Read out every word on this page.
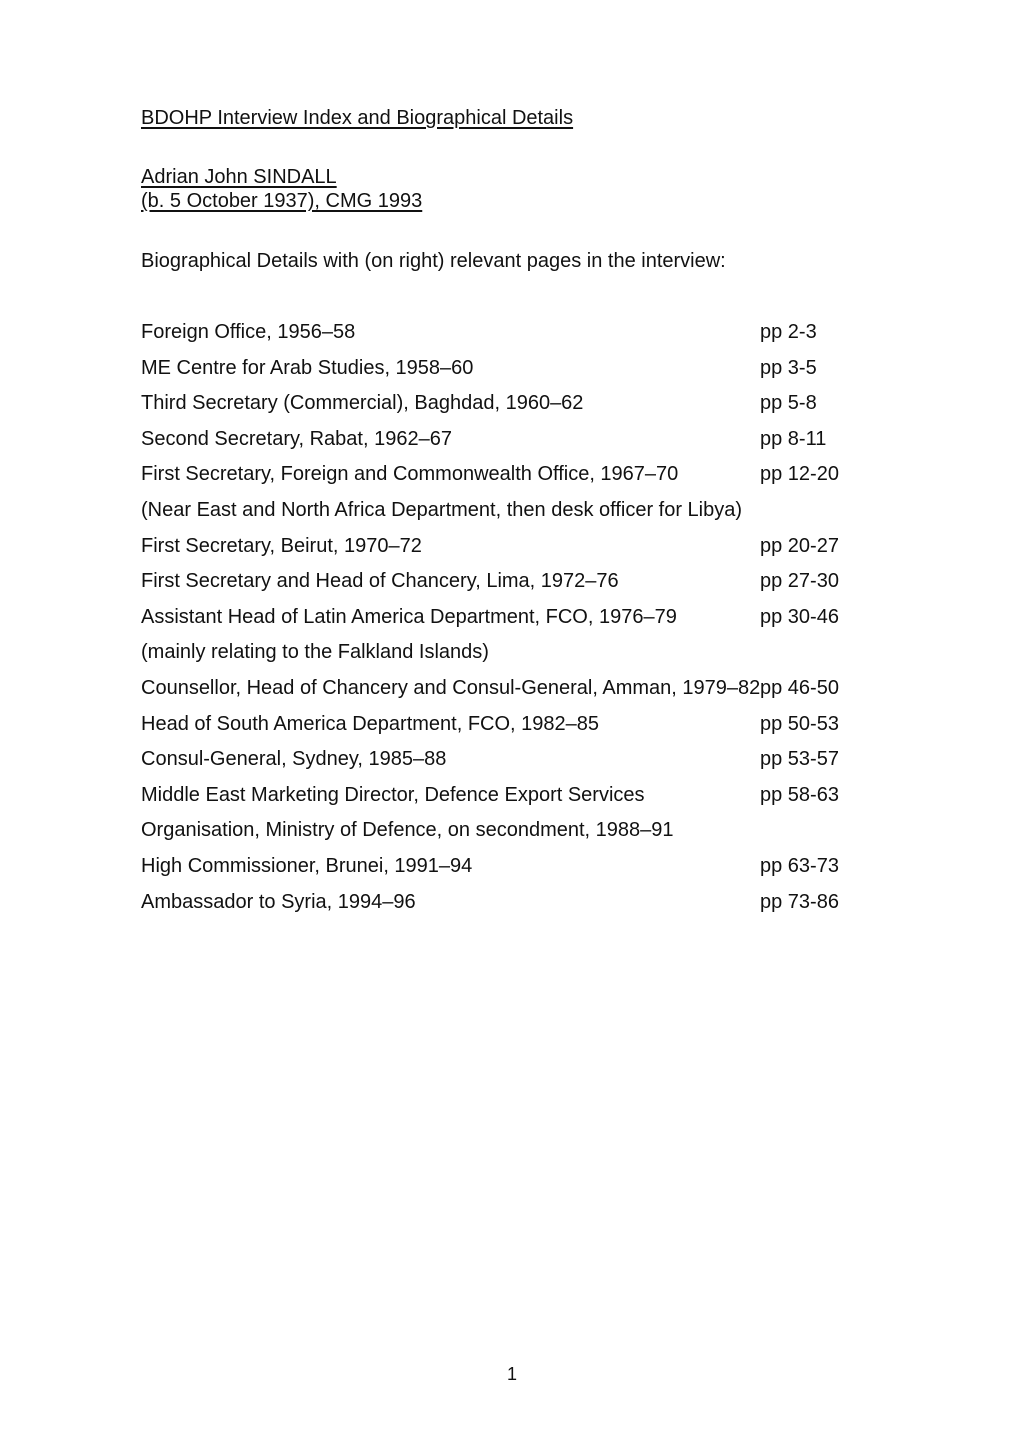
BDOHP Interview Index and Biographical Details
Adrian John SINDALL
(b. 5 October 1937), CMG 1993
Biographical Details with (on right) relevant pages in the interview:
Foreign Office, 1956–58	pp 2-3
ME Centre for Arab Studies, 1958–60	pp 3-5
Third Secretary (Commercial), Baghdad, 1960–62	pp 5-8
Second Secretary, Rabat, 1962–67	pp 8-11
First Secretary, Foreign and Commonwealth Office, 1967–70	pp 12-20
(Near East and North Africa Department, then desk officer for Libya)
First Secretary, Beirut, 1970–72	pp 20-27
First Secretary and Head of Chancery, Lima, 1972–76	pp 27-30
Assistant Head of Latin America Department, FCO, 1976–79	pp 30-46
(mainly relating to the Falkland Islands)
Counsellor, Head of Chancery and Consul-General, Amman, 1979–82 pp 46-50
Head of South America Department, FCO, 1982–85	pp 50-53
Consul-General, Sydney, 1985–88	pp 53-57
Middle East Marketing Director, Defence Export Services	pp 58-63
Organisation, Ministry of Defence, on secondment, 1988–91
High Commissioner, Brunei, 1991–94	pp 63-73
Ambassador to Syria, 1994–96	pp 73-86
1
